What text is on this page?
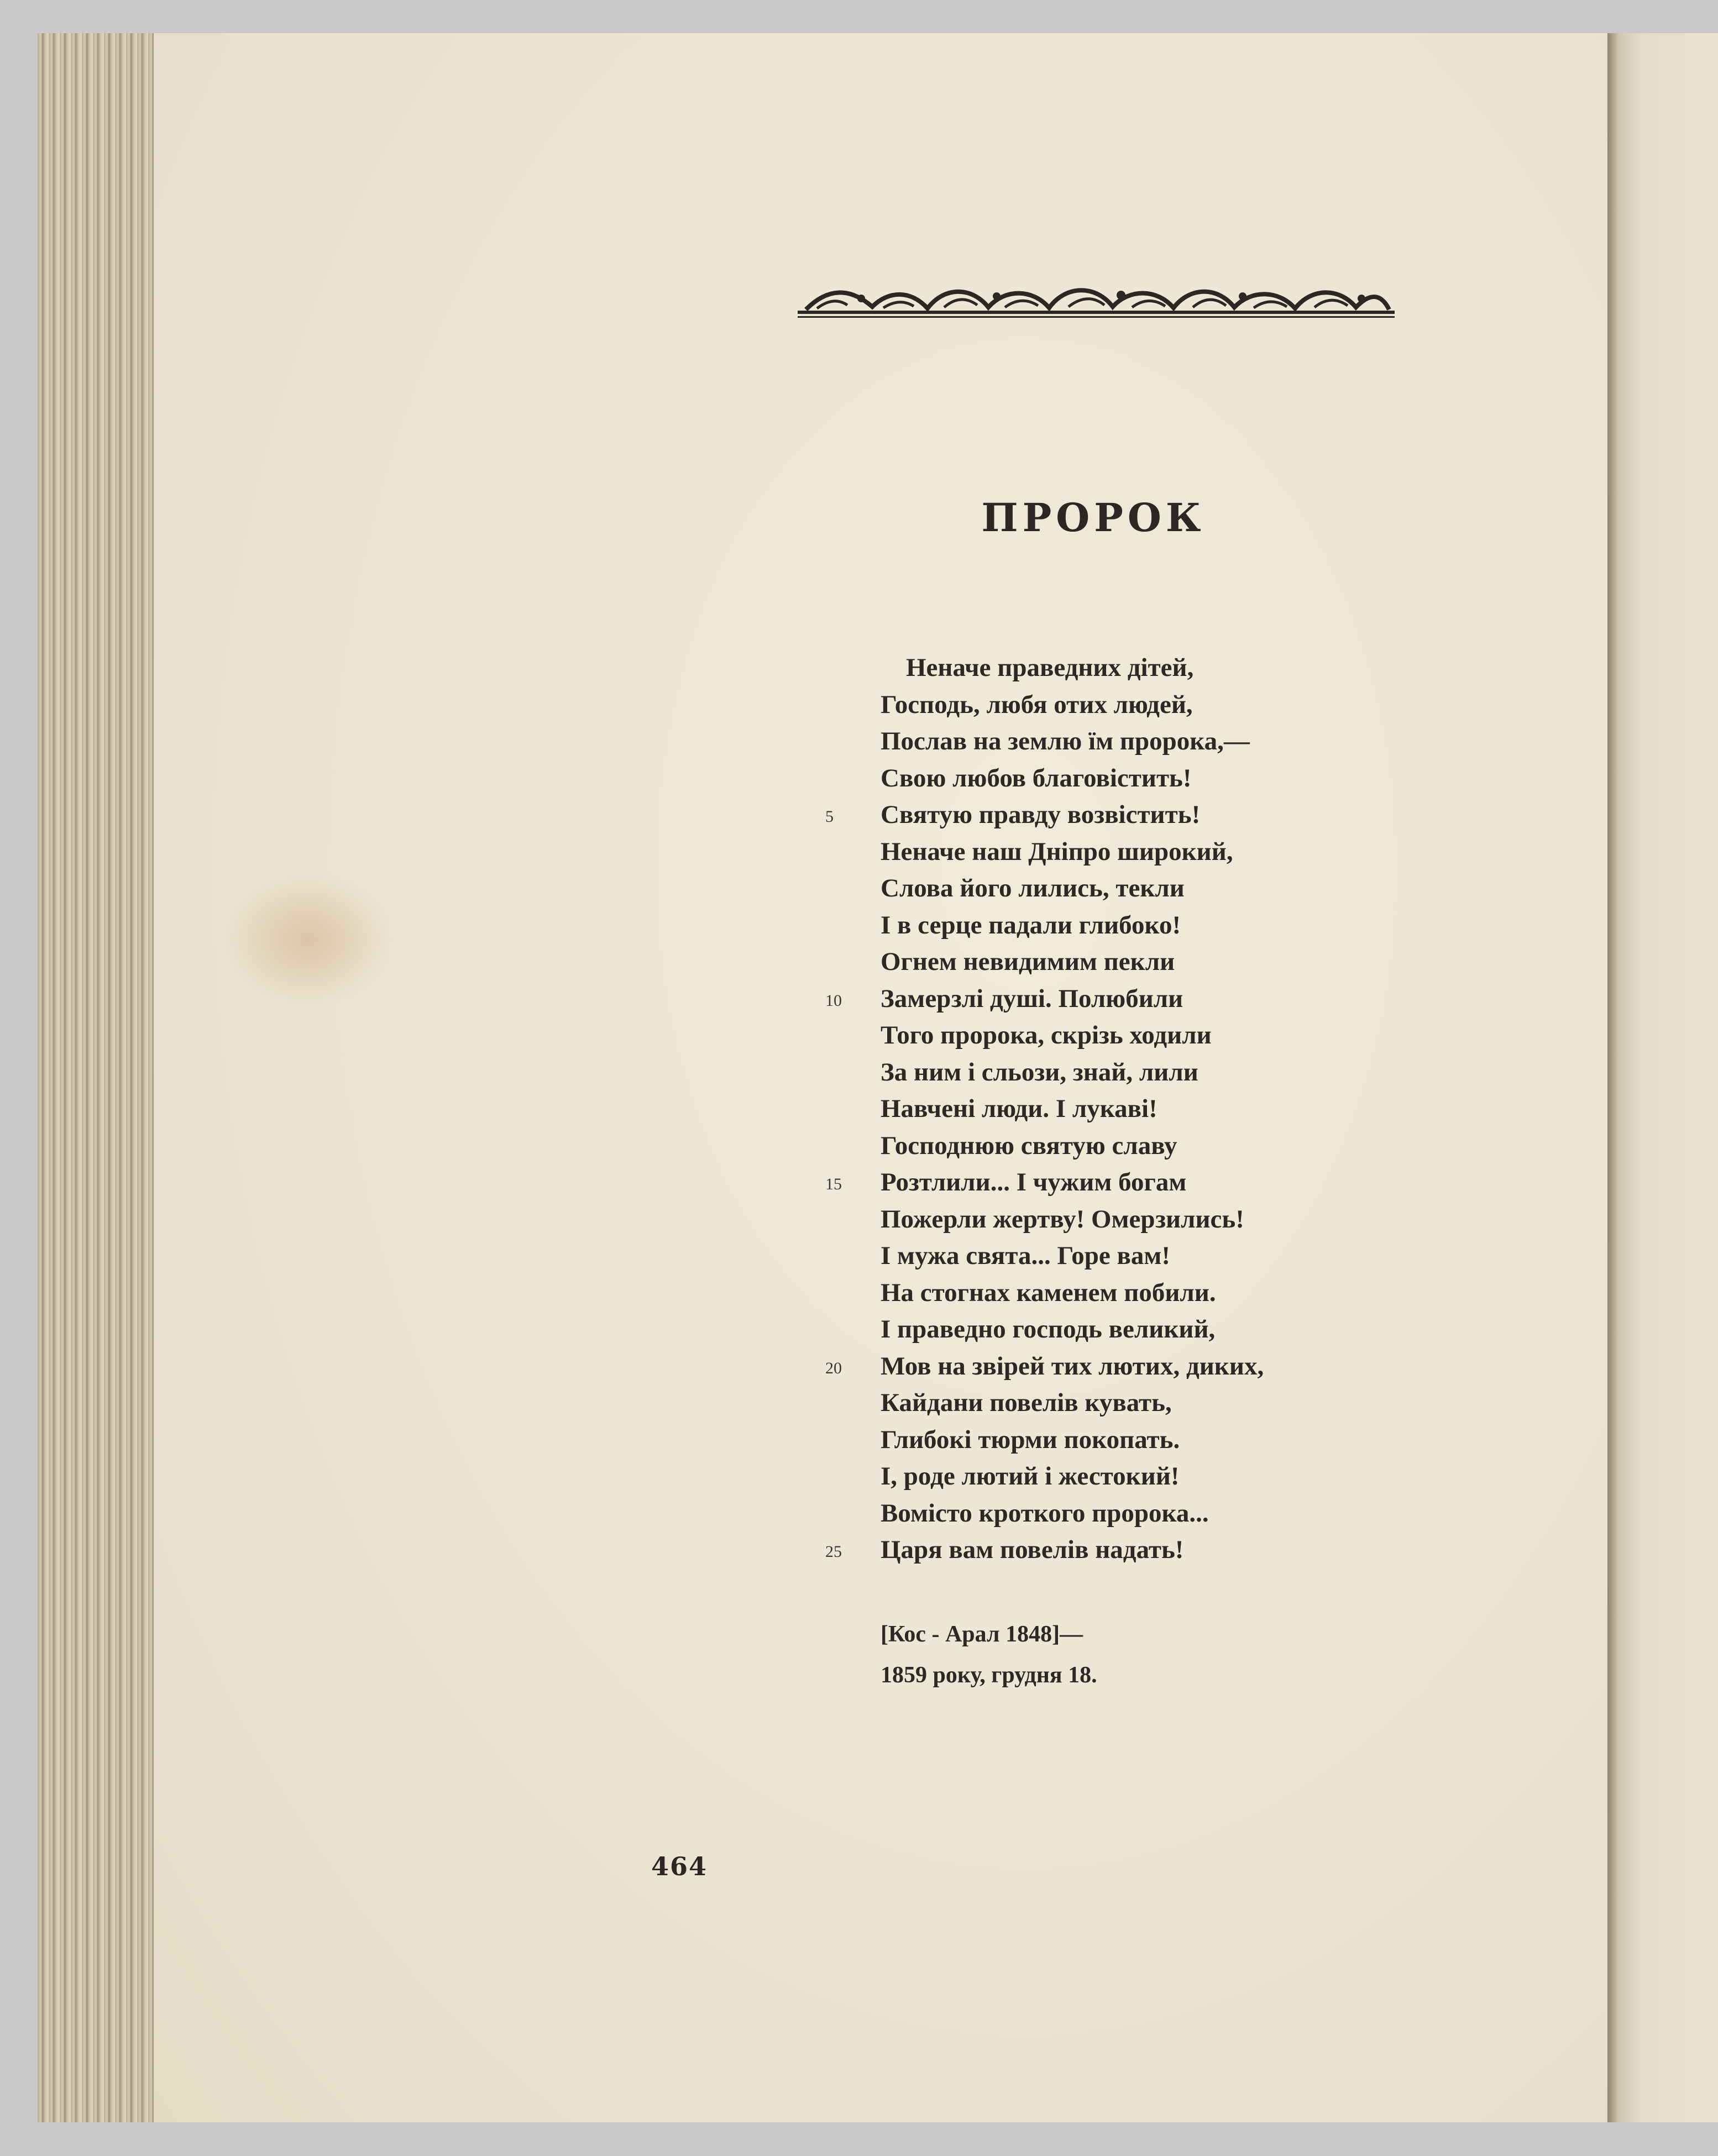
ПРОРОК
Неначе праведних дітей,
Господь, любя отих людей,
Послав на землю їм пророка,—
Свою любов благовістить!
5	Святую правду возвістить!
Неначе наш Дніпро широкий,
Слова його лились, текли
І в серце падали глибоко!
Огнем невидимим пекли
10	Замерзлі душі. Полюбили
Того пророка, скрізь ходили
За ним і сльози, знай, лили
Навчені люди. І лукаві!
Господнюю святую славу
15	Розтлили... І чужим богам
Пожерли жертву! Омерзились!
І мужа свята... Горе вам!
На стогнах каменем побили.
І праведно господь великий,
20	Мов на звірей тих лютих, диких,
Кайдани повелів кувать,
Глибокі тюрми покопать.
І, роде лютий і жестокий!
Вомісто кроткого пророка...
25	Царя вам повелів надать!
[Кос - Арал 1848]—
1859 року, грудня 18.
464
